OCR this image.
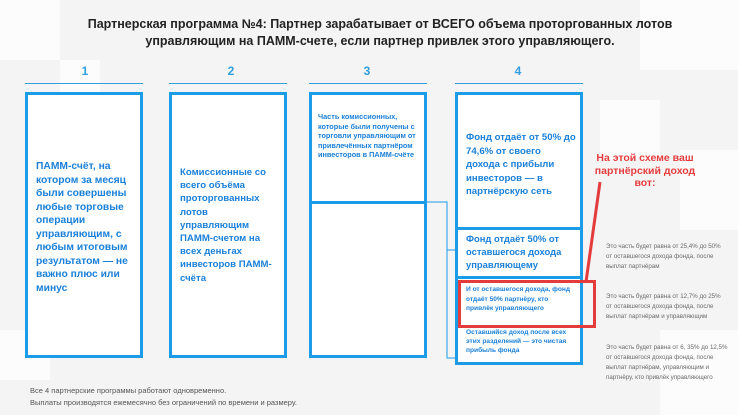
Партнерская программа №4: Партнер зарабатывает от ВСЕГО объема проторгованных лотов управляющим на ПАММ-счете, если партнер привлек этого управляющего.
1	2	3	4
ПАММ-счёт, на котором за месяц были совершены любые торговые операции управляющим, с любым итоговым результатом — не важно плюс или минус
Комиссионные со всего объёма проторгованных лотов управляющим ПАММ-счетом на всех деньгах инвесторов ПАММ-счёта
Часть комиссионных, которые были получены с торговли управляющим от привлечённых партнёром инвесторов в ПАММ-счёте
Фонд отдаёт от 50% до 74,6% от своего дохода с прибыли инвесторов — в партнёрскую сеть
Фонд отдаёт 50% от оставшегося дохода управляющему
И от оставшегося дохода, фонд отдаёт 50% партнёру, кто привлёк управляющего
Оставшийся доход после всех этих разделений — это чистая прибыль фонда
На этой схеме ваш партнёрский доход вот:
Это часть будет равна от 25,4% до 50% от оставшегося дохода фонда, после выплат партнёрам
Это часть будет равна от 12,7% до 25% от оставшегося дохода фонда, после выплат партнёрам и управляющим
Это часть будет равна от 6, 35% до 12,5% от оставшегося дохода фонда, после выплат партнёрам, управляющим и партнёру, кто привлёк управляющего
Все 4 партнерские программы работают одновременно.
Выплаты производятся ежемесячно без ограничений по времени и размеру.
